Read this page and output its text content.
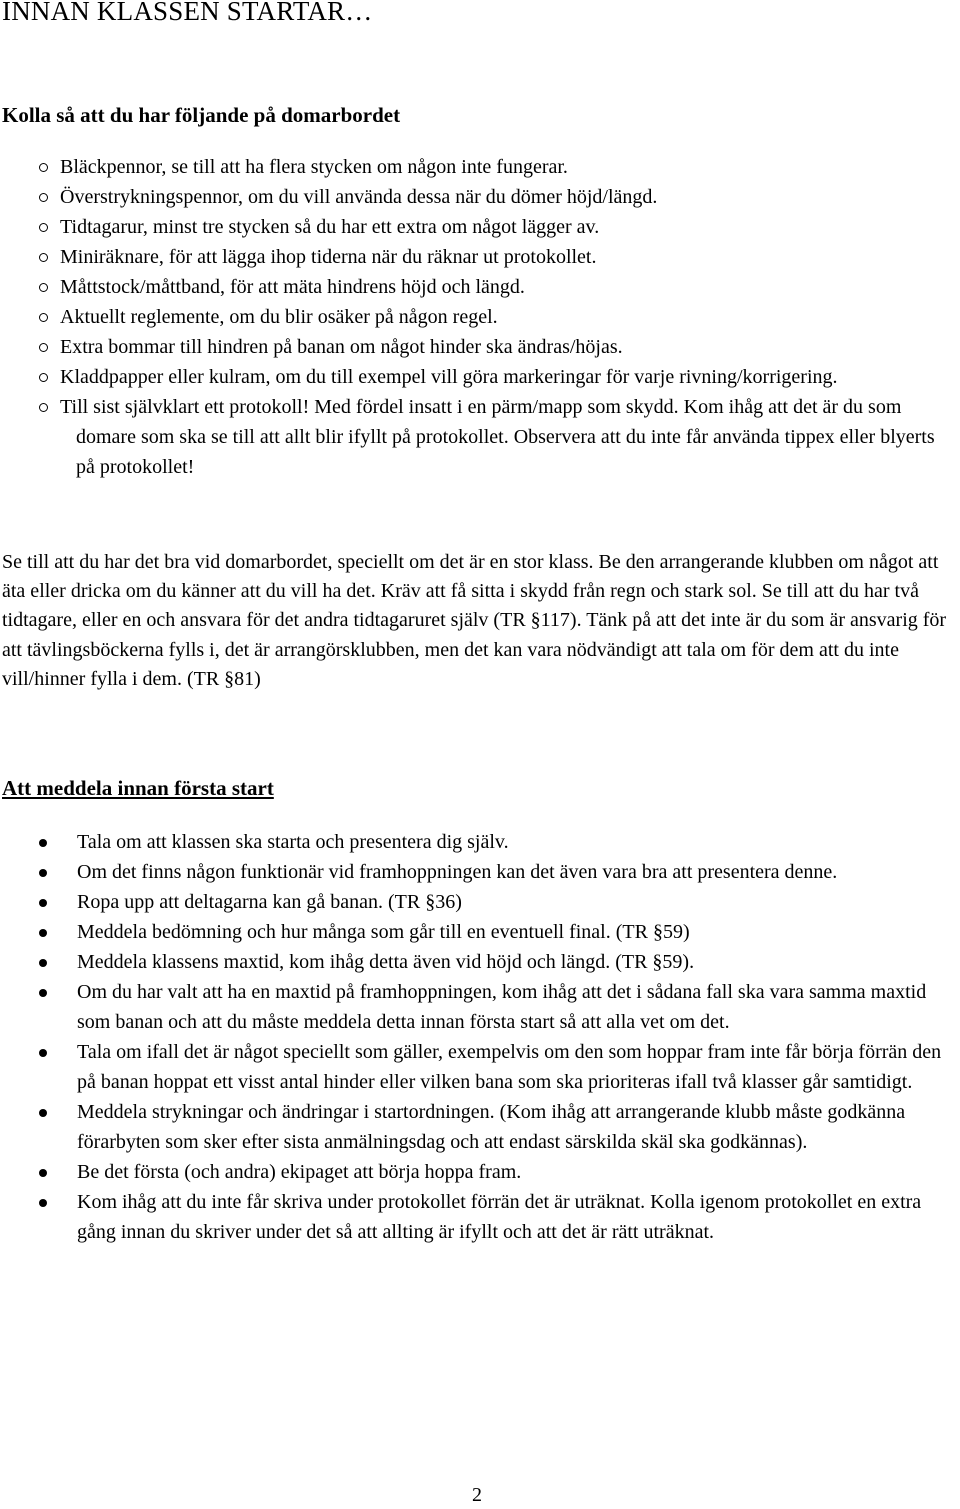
INNAN KLASSEN STARTAR…
Kolla så att du har följande på domarbordet
Bläckpennor, se till att ha flera stycken om någon inte fungerar.
Överstrykningspennor, om du vill använda dessa när du dömer höjd/längd.
Tidtagarur, minst tre stycken så du har ett extra om något lägger av.
Miniräknare, för att lägga ihop tiderna när du räknar ut protokollet.
Måttstock/måttband, för att mäta hindrens höjd och längd.
Aktuellt reglemente, om du blir osäker på någon regel.
Extra bommar till hindren på banan om något hinder ska ändras/höjas.
Kladdpapper eller kulram, om du till exempel vill göra markeringar för varje rivning/korrigering.
Till sist självklart ett protokoll! Med fördel insatt i en pärm/mapp som skydd. Kom ihåg att det är du som domare som ska se till att allt blir ifyllt på protokollet. Observera att du inte får använda tippex eller blyerts på protokollet!

Se till att du har det bra vid domarbordet, speciellt om det är en stor klass. Be den arrangerande klubben om något att äta eller dricka om du känner att du vill ha det. Kräv att få sitta i skydd från regn och stark sol. Se till att du har två tidtagare, eller en och ansvara för det andra tidtagaruret själv (TR §117). Tänk på att det inte är du som är ansvarig för att tävlingsböckerna fylls i, det är arrangörsklubben, men det kan vara nödvändigt att tala om för dem att du inte vill/hinner fylla i dem. (TR §81)

Att meddela innan första start
Tala om att klassen ska starta och presentera dig själv.
Om det finns någon funktionär vid framhoppningen kan det även vara bra att presentera denne.
Ropa upp att deltagarna kan gå banan. (TR §36)
Meddela bedömning och hur många som går till en eventuell final. (TR §59)
Meddela klassens maxtid, kom ihåg detta även vid höjd och längd. (TR §59).
Om du har valt att ha en maxtid på framhoppningen, kom ihåg att det i sådana fall ska vara samma maxtid som banan och att du måste meddela detta innan första start så att alla vet om det.
Tala om ifall det är något speciellt som gäller, exempelvis om den som hoppar fram inte får börja förrän den på banan hoppat ett visst antal hinder eller vilken bana som ska prioriteras ifall två klasser går samtidigt.
Meddela strykningar och ändringar i startordningen. (Kom ihåg att arrangerande klubb måste godkänna förarbyten som sker efter sista anmälningsdag och att endast särskilda skäl ska godkännas).
Be det första (och andra) ekipaget att börja hoppa fram.
Kom ihåg att du inte får skriva under protokollet förrän det är uträknat. Kolla igenom protokollet en extra gång innan du skriver under det så att allting är ifyllt och att det är rätt uträknat.
2
